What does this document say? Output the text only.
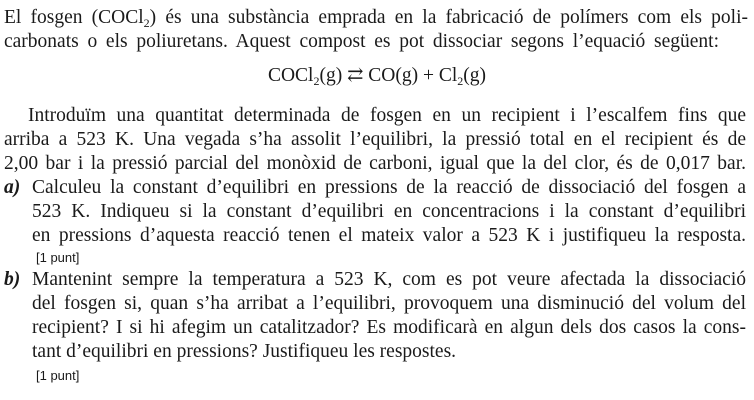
El fosgen (COCl$_2$) és una substància emprada en la fabricació de polímers com els poli-
carbonats o els poliuretans. Aquest compost es pot dissociar segons l’equació següent:
COCl$_2$(g) ⇄ $CO(g) + Cl_2(g)$
Introduïm una quantitat determinada de fosgen en un recipient i l’escalfem fins que
arriba a 523 K. Una vegada s’ha assolit l’equilibri, la pressió total en el recipient és de
2,00 bar i la pressió parcial del monòxid de carboni, igual que la del clor, és de 0,017 bar.
a) Calculeu la constant d’equilibri en pressions de la reacció de dissociació del fosgen a
523 K. Indiqueu si la constant d’equilibri en concentracions i la constant d’equilibri
en pressions d’aquesta reacció tenen el mateix valor a 523 K i justifiqueu la resposta.
[1 punt]
b) Mantenint sempre la temperatura a 523 K, com es pot veure afectada la dissociació
del fosgen si, quan s’ha arribat a l’equilibri, provoquem una disminució del volum del
recipient? I si hi afegim un catalitzador? Es modificarà en algun dels dos casos la cons-
tant d’equilibri en pressions? Justifiqueu les respostes.
[1 punt]
